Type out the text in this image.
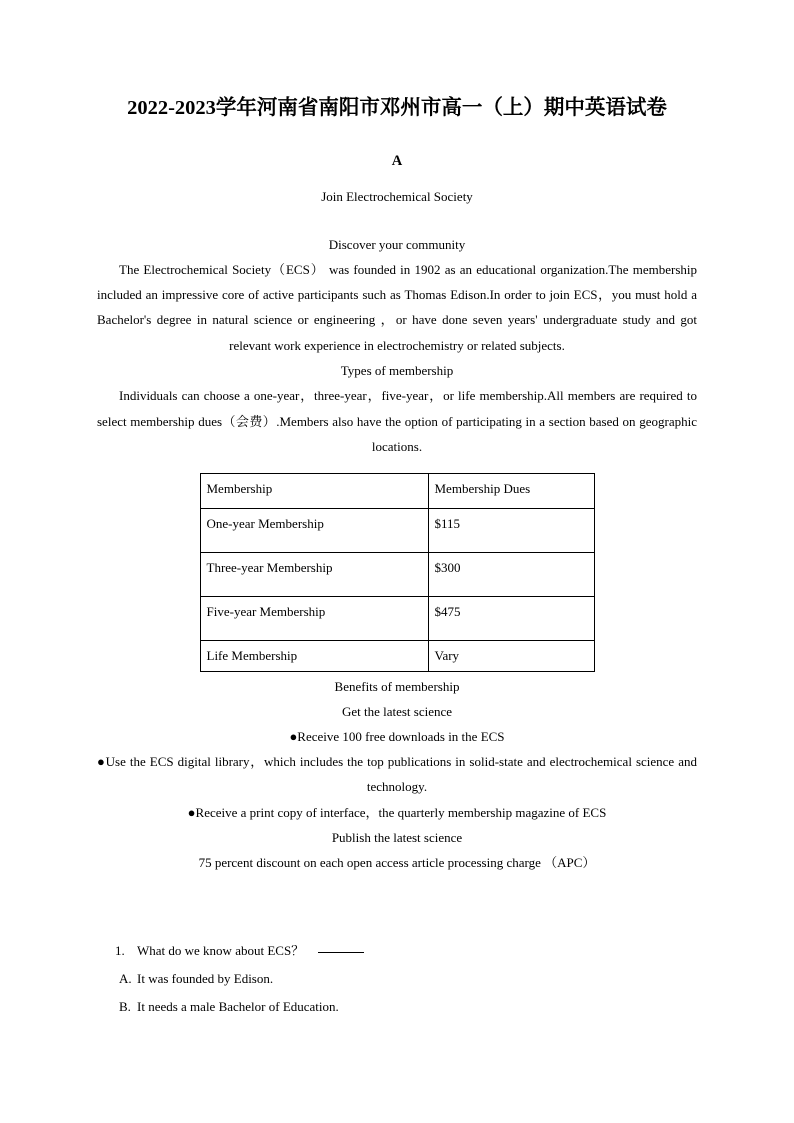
2022-2023学年河南省南阳市邓州市高一（上）期中英语试卷
A
Join Electrochemical Society
Discover your community

The Electrochemical Society（ECS） was founded in 1902 as an educational organization.The membership included an impressive core of active participants such as Thomas Edison.In order to join ECS，you must hold a Bachelor's degree in natural science or engineering ，or have done seven years' undergraduate study and got relevant work experience in electrochemistry or related subjects.

Types of membership

Individuals can choose a one-year，three-year，five-year，or life membership.All members are required to select membership dues（会费）.Members also have the option of participating in a section based on geographic locations.

Membership	Membership Dues
One-year Membership	$115
Three-year Membership	$300
Five-year Membership	$475
Life Membership	Vary
Benefits of membership
Get the latest science
●Receive 100 free downloads in the ECS

●Use the ECS digital library，which includes the top publications in solid-state and electrochemical science and technology.

●Receive a print copy of interface，the quarterly membership magazine of ECS
Publish the latest science
75 percent discount on each open access article processing charge （APC）
1. What do we know about ECS？
A. It was founded by Edison.
B. It needs a male Bachelor of Education.
